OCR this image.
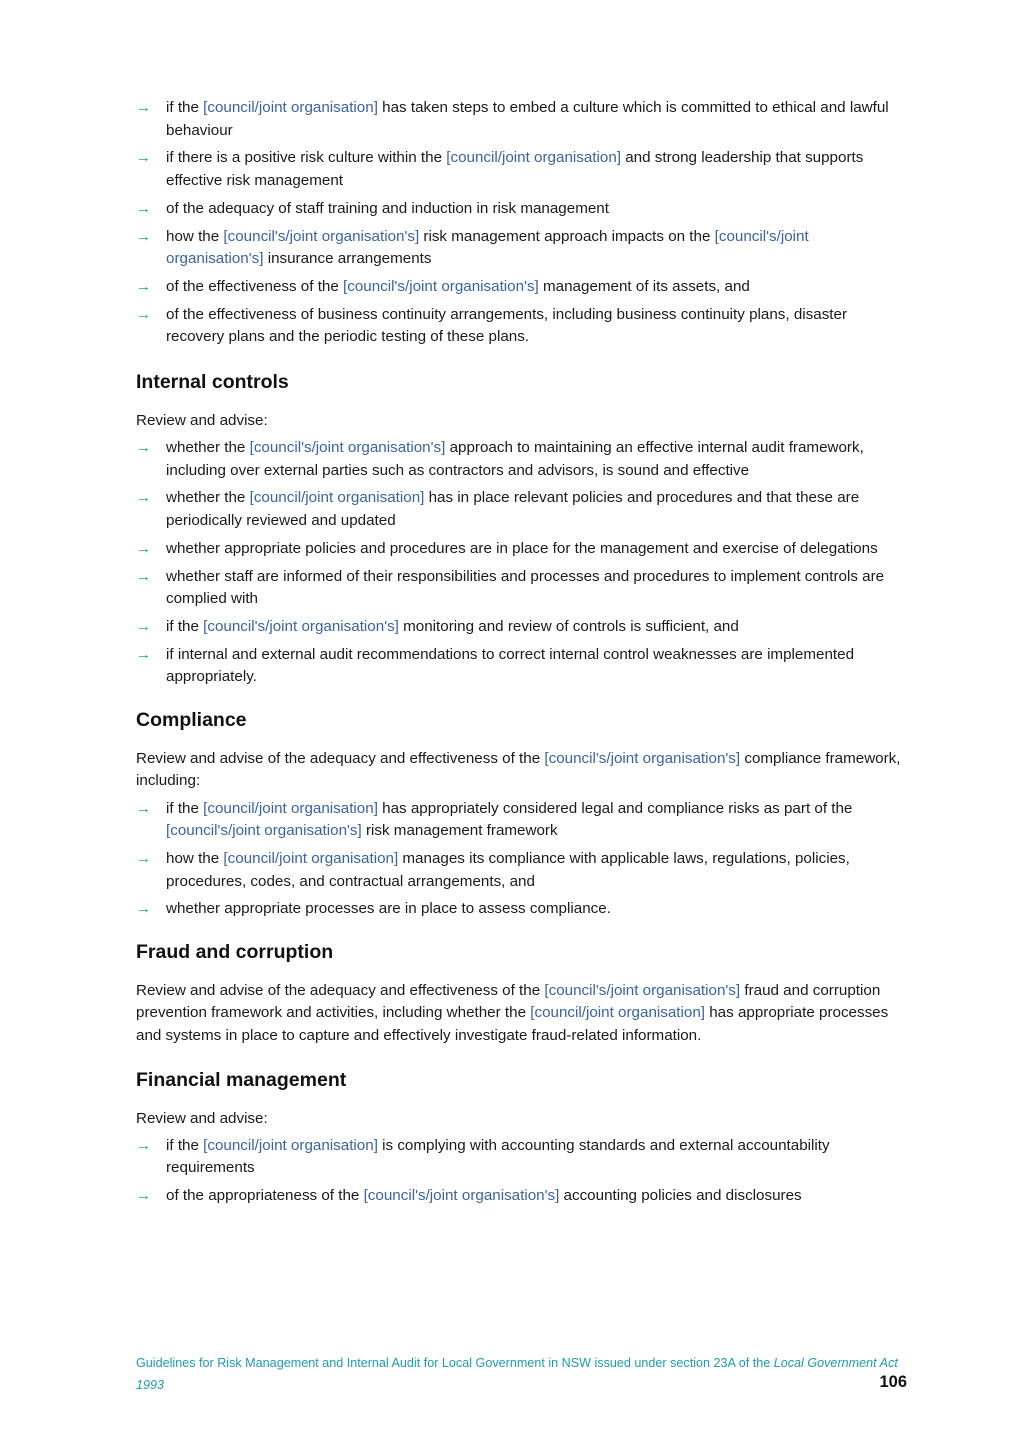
→ if the [council/joint organisation] has taken steps to embed a culture which is committed to ethical and lawful behaviour
→ if there is a positive risk culture within the [council/joint organisation] and strong leadership that supports effective risk management
→ of the adequacy of staff training and induction in risk management
→ how the [council's/joint organisation's] risk management approach impacts on the [council's/joint organisation's] insurance arrangements
→ of the effectiveness of the [council's/joint organisation's] management of its assets, and
→ of the effectiveness of business continuity arrangements, including business continuity plans, disaster recovery plans and the periodic testing of these plans.
Internal controls

Review and advise:

→ whether the [council's/joint organisation's] approach to maintaining an effective internal audit framework, including over external parties such as contractors and advisors, is sound and effective
→ whether the [council/joint organisation] has in place relevant policies and procedures and that these are periodically reviewed and updated
→ whether appropriate policies and procedures are in place for the management and exercise of delegations
→ whether staff are informed of their responsibilities and processes and procedures to implement controls are complied with
→ if the [council's/joint organisation's] monitoring and review of controls is sufficient, and
→ if internal and external audit recommendations to correct internal control weaknesses are implemented appropriately.
Compliance

Review and advise of the adequacy and effectiveness of the [council's/joint organisation's] compliance framework, including:

→ if the [council/joint organisation] has appropriately considered legal and compliance risks as part of the [council's/joint organisation's] risk management framework
→ how the [council/joint organisation] manages its compliance with applicable laws, regulations, policies, procedures, codes, and contractual arrangements, and
→ whether appropriate processes are in place to assess compliance.
Fraud and corruption

Review and advise of the adequacy and effectiveness of the [council's/joint organisation's] fraud and corruption prevention framework and activities, including whether the [council/joint organisation] has appropriate processes and systems in place to capture and effectively investigate fraud-related information.

Financial management

Review and advise:

→ if the [council/joint organisation] is complying with accounting standards and external accountability requirements
→ of the appropriateness of the [council's/joint organisation's] accounting policies and disclosures
Guidelines for Risk Management and Internal Audit for Local Government in NSW issued under section 23A of the Local Government Act 1993	106
